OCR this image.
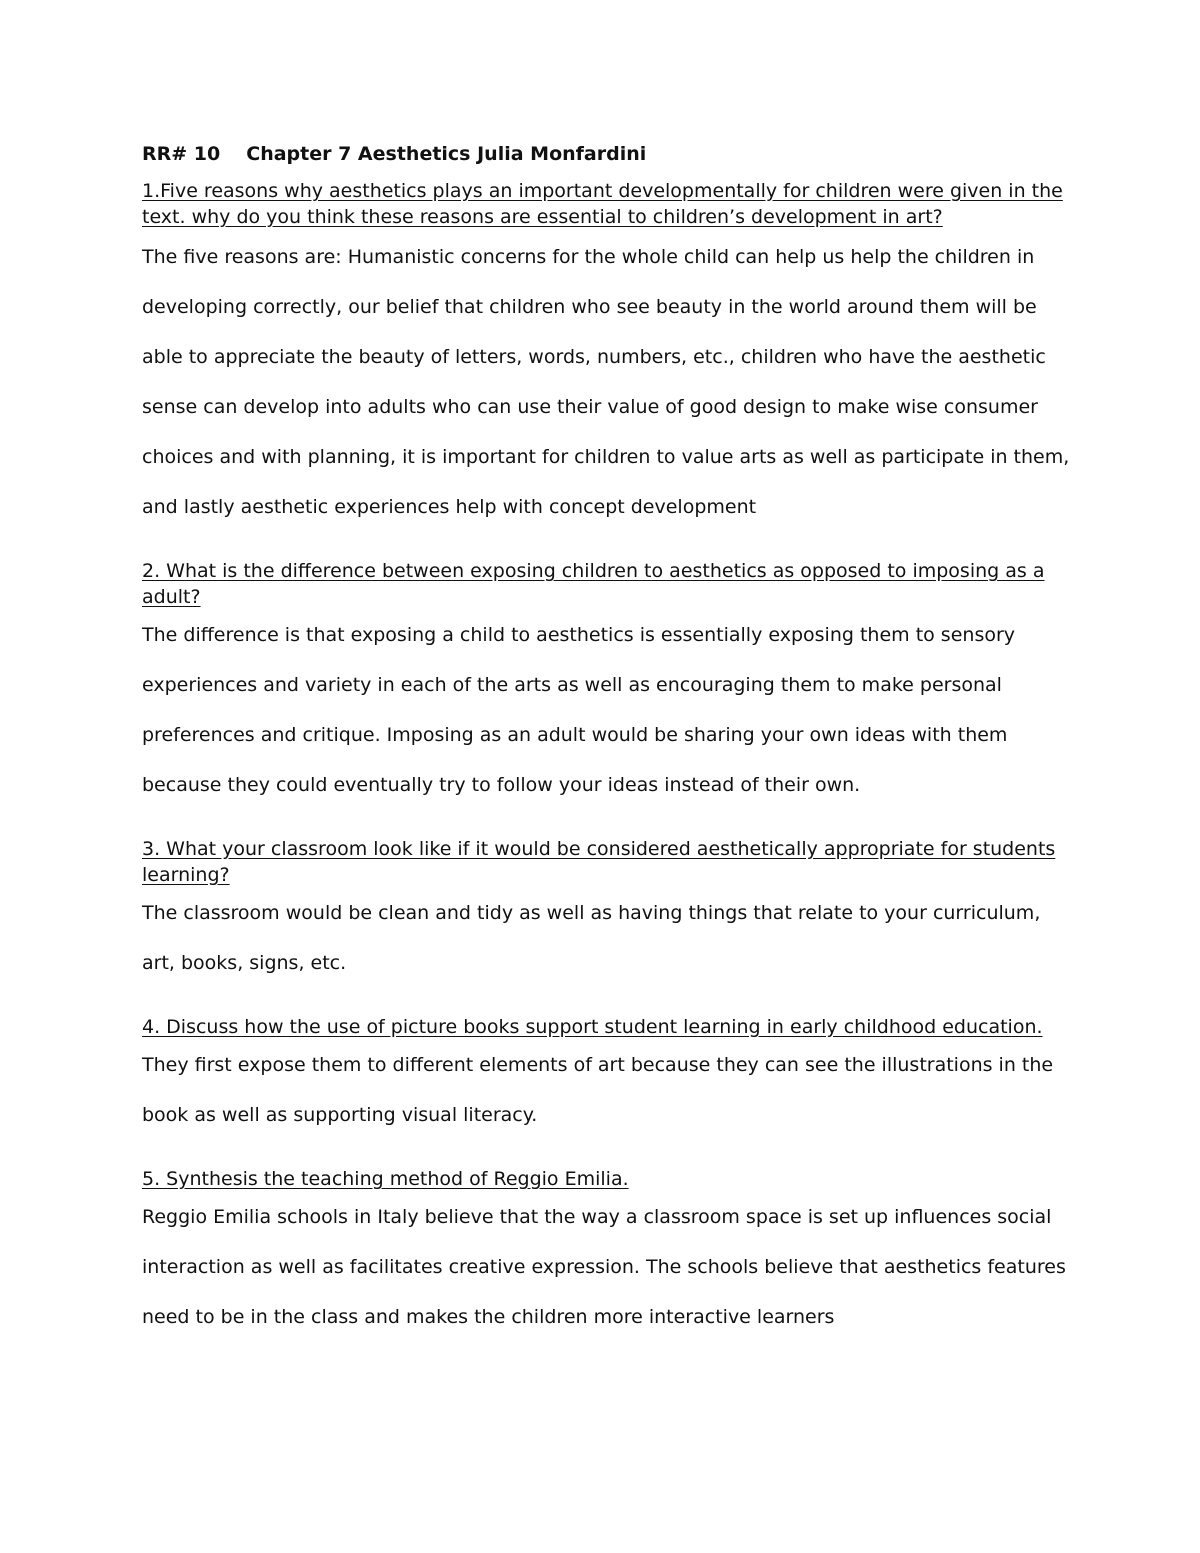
RR# 10 Chapter 7 Aesthetics Julia Monfardini

1.Five reasons why aesthetics plays an important developmentally for children were given in the text. why do you think these reasons are essential to children’s development in art?

The five reasons are: Humanistic concerns for the whole child can help us help the children in developing correctly, our belief that children who see beauty in the world around them will be able to appreciate the beauty of letters, words, numbers, etc., children who have the aesthetic sense can develop into adults who can use their value of good design to make wise consumer choices and with planning, it is important for children to value arts as well as participate in them, and lastly aesthetic experiences help with concept development

2. What is the difference between exposing children to aesthetics as opposed to imposing as a adult?

The difference is that exposing a child to aesthetics is essentially exposing them to sensory experiences and variety in each of the arts as well as encouraging them to make personal preferences and critique. Imposing as an adult would be sharing your own ideas with them because they could eventually try to follow your ideas instead of their own.

3. What your classroom look like if it would be considered aesthetically appropriate for students learning?

The classroom would be clean and tidy as well as having things that relate to your curriculum, art, books, signs, etc.

4. Discuss how the use of picture books support student learning in early childhood education.

They first expose them to different elements of art because they can see the illustrations in the book as well as supporting visual literacy.

5. Synthesis the teaching method of Reggio Emilia.

Reggio Emilia schools in Italy believe that the way a classroom space is set up influences social interaction as well as facilitates creative expression. The schools believe that aesthetics features need to be in the class and makes the children more interactive learners
